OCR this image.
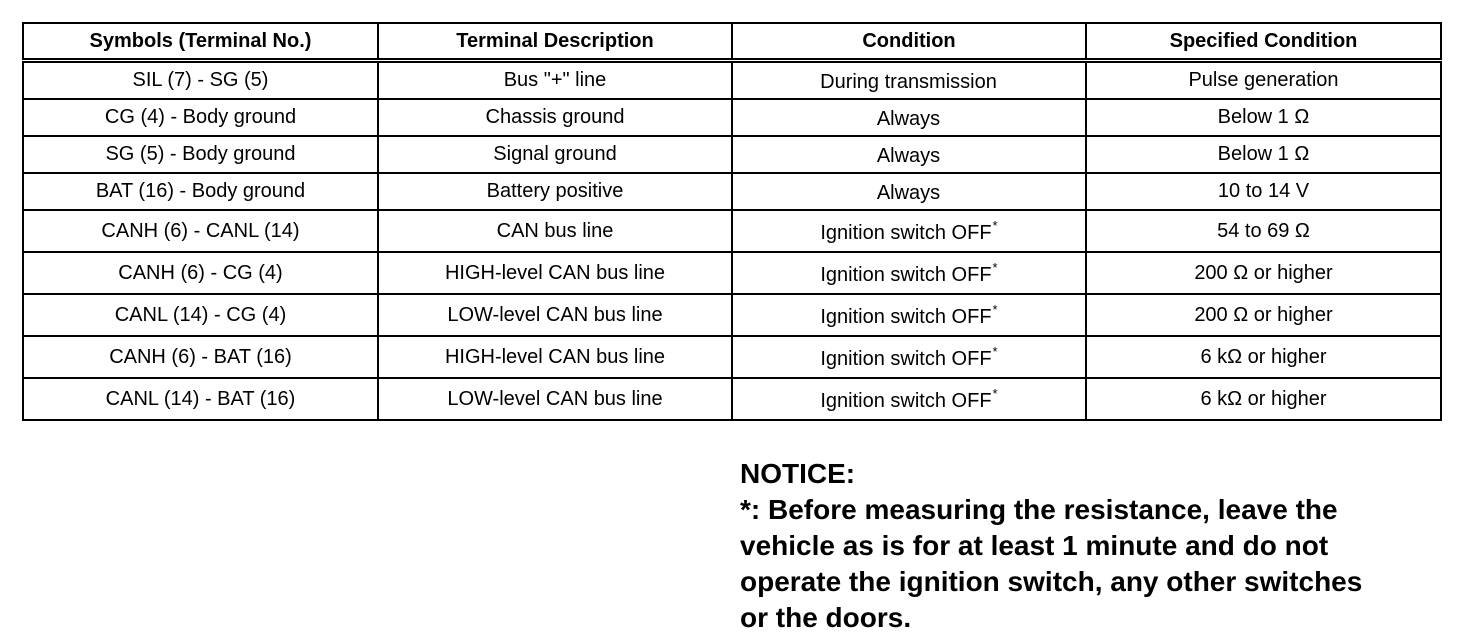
Symbols (Terminal No.)	Terminal Description	Condition	Specified Condition
SIL (7) - SG (5)	Bus "+" line	During transmission	Pulse generation
CG (4) - Body ground	Chassis ground	Always	Below 1 Ω
SG (5) - Body ground	Signal ground	Always	Below 1 Ω
BAT (16) - Body ground	Battery positive	Always	10 to 14 V
CANH (6) - CANL (14)	CAN bus line	Ignition switch OFF*	54 to 69 Ω
CANH (6) - CG (4)	HIGH-level CAN bus line	Ignition switch OFF*	200 Ω or higher
CANL (14) - CG (4)	LOW-level CAN bus line	Ignition switch OFF*	200 Ω or higher
CANH (6) - BAT (16)	HIGH-level CAN bus line	Ignition switch OFF*	6 kΩ or higher
CANL (14) - BAT (16)	LOW-level CAN bus line	Ignition switch OFF*	6 kΩ or higher
NOTICE:
*: Before measuring the resistance, leave the
vehicle as is for at least 1 minute and do not
operate the ignition switch, any other switches
or the doors.
